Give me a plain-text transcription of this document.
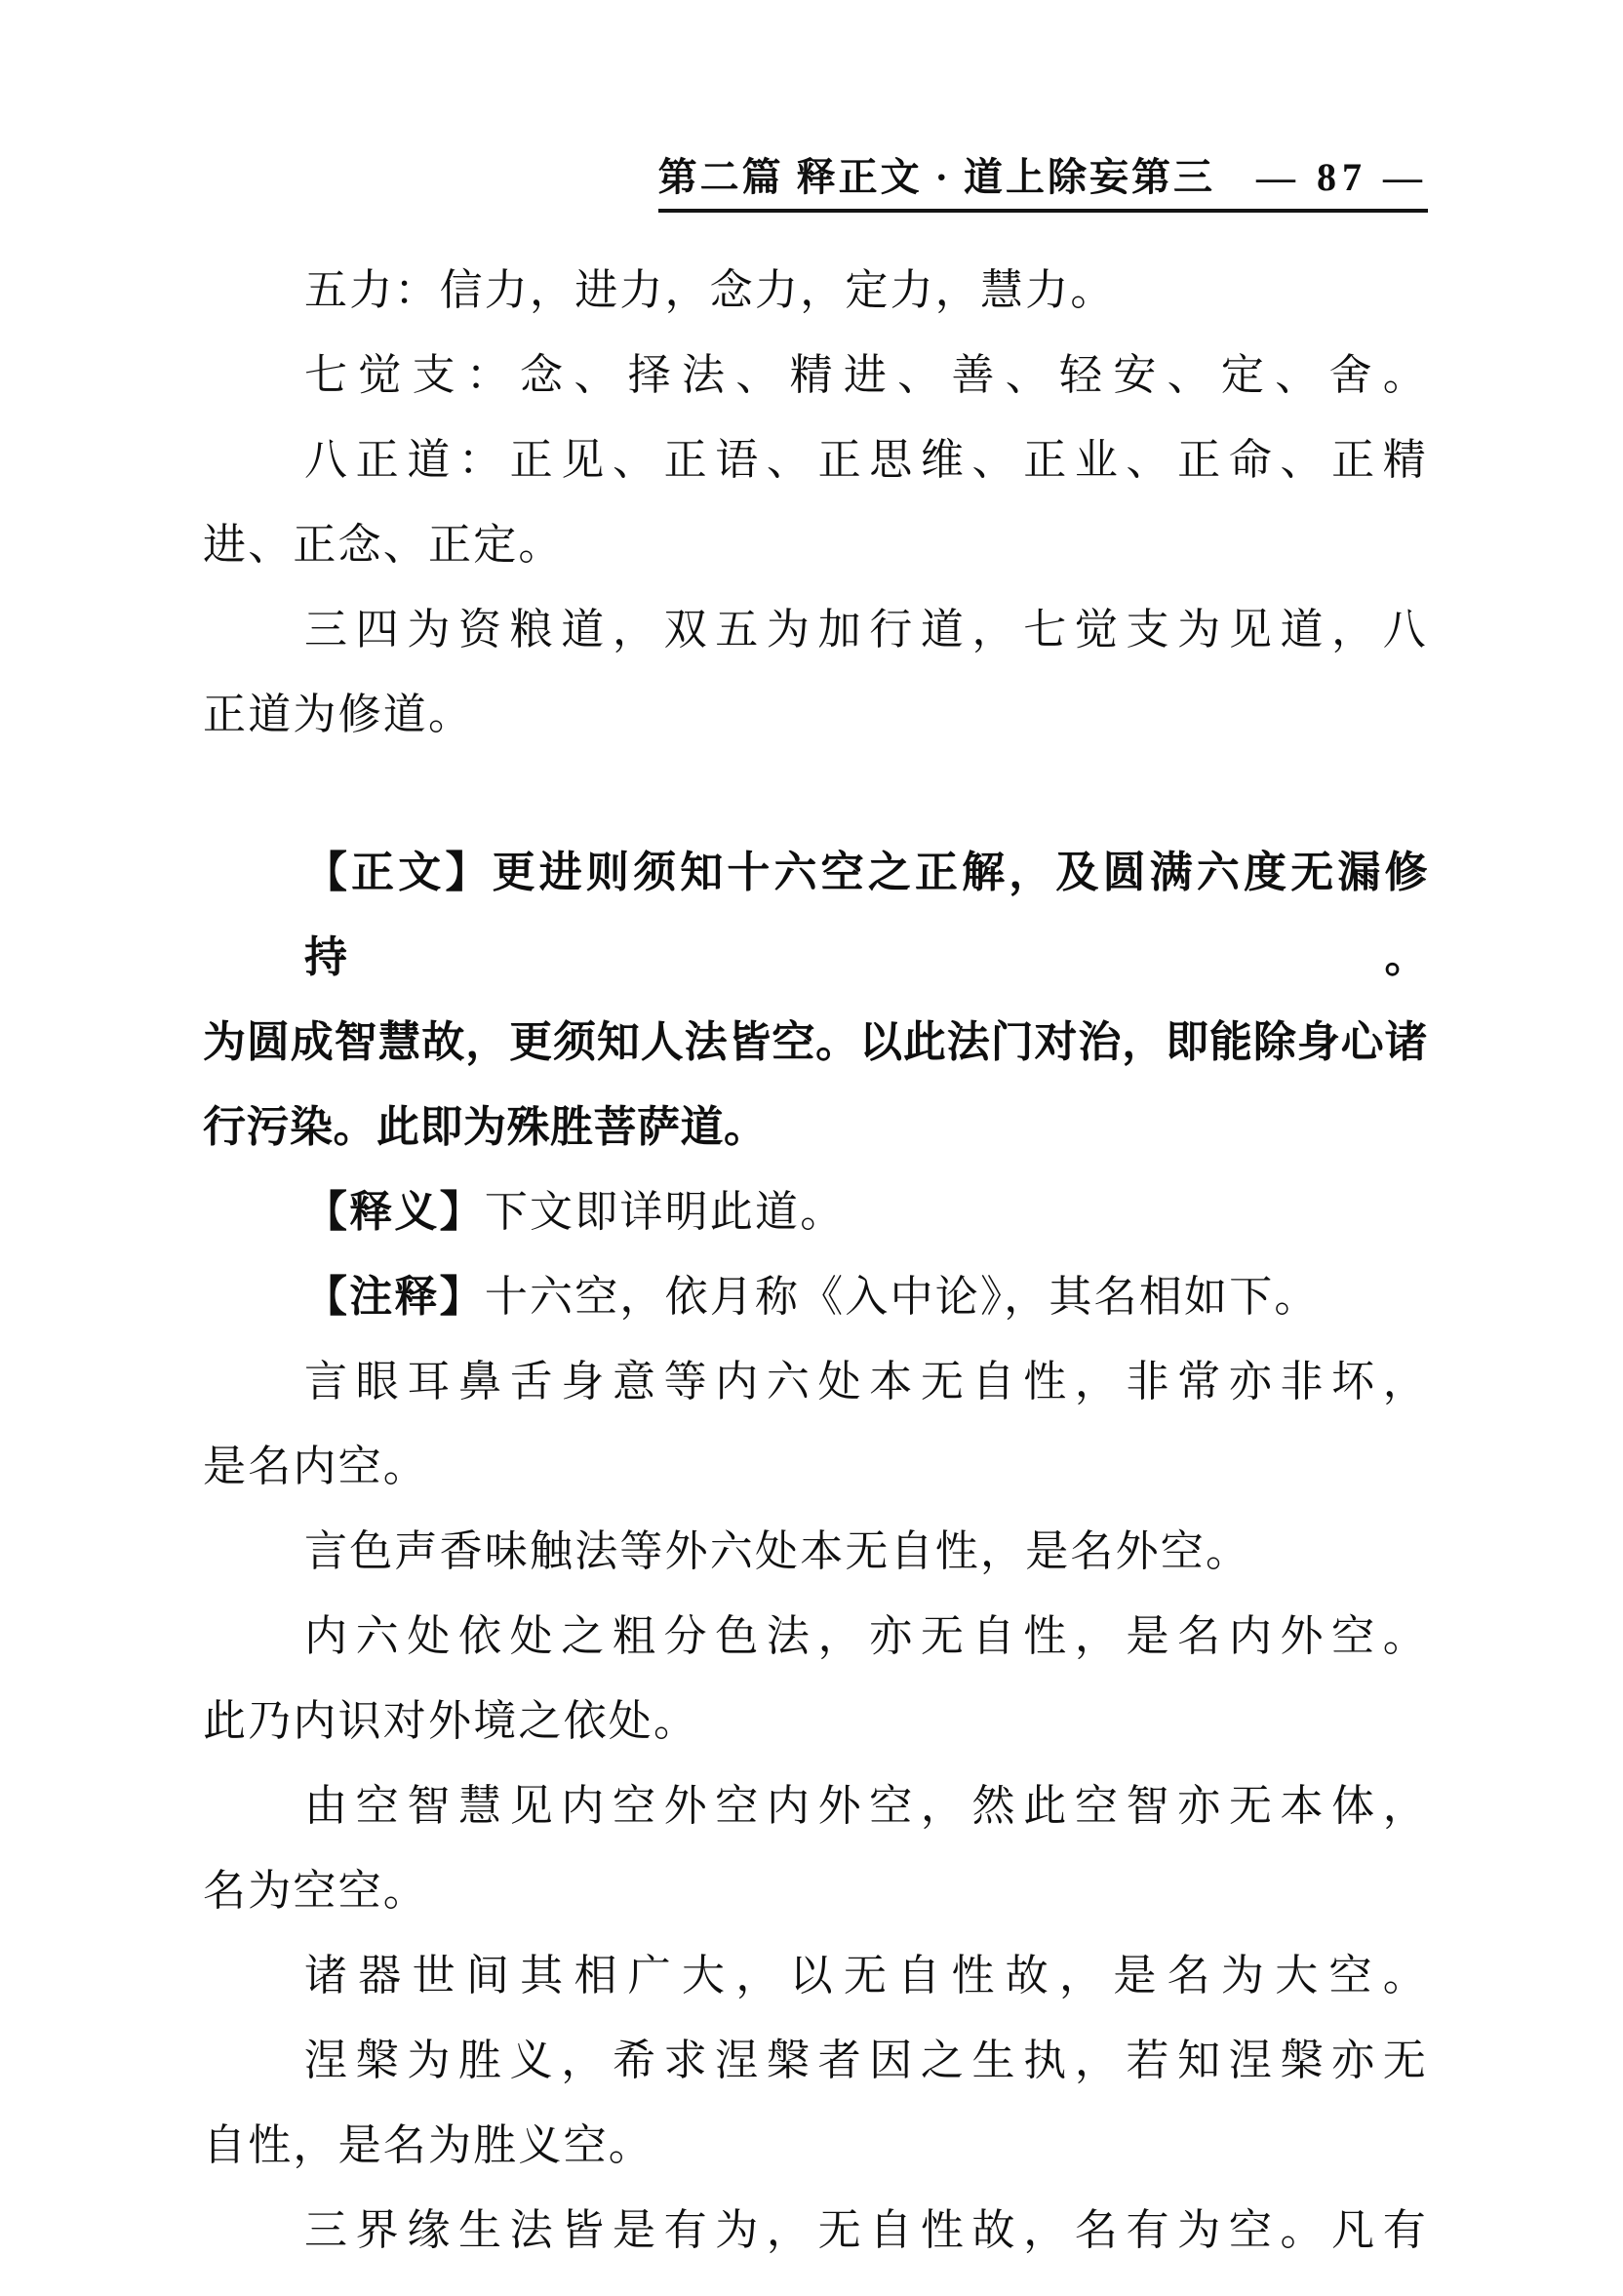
第二篇 释正文 · 道上除妄第三 — 87 —
五力：信力，进力，念力，定力，慧力。
七觉支：念、择法、精进、善、轻安、定、舍。
八正道：正见、正语、正思维、正业、正命、正精
进、正念、正定。
三四为资粮道，双五为加行道，七觉支为见道，八
正道为修道。
【正文】更进则须知十六空之正解，及圆满六度无漏修持。
为圆成智慧故，更须知人法皆空。以此法门对治，即能除身心诸
行污染。此即为殊胜菩萨道。
【释义】下文即详明此道。
【注释】十六空，依月称《入中论》，其名相如下。
言眼耳鼻舌身意等内六处本无自性，非常亦非坏，
是名内空。
言色声香味触法等外六处本无自性，是名外空。
内六处依处之粗分色法，亦无自性，是名内外空。
此乃内识对外境之依处。
由空智慧见内空外空内外空，然此空智亦无本体，
名为空空。
诸器世间其相广大，以无自性故，是名为大空。
涅槃为胜义，希求涅槃者因之生执，若知涅槃亦无
自性，是名为胜义空。
三界缘生法皆是有为，无自性故，名有为空。凡有
